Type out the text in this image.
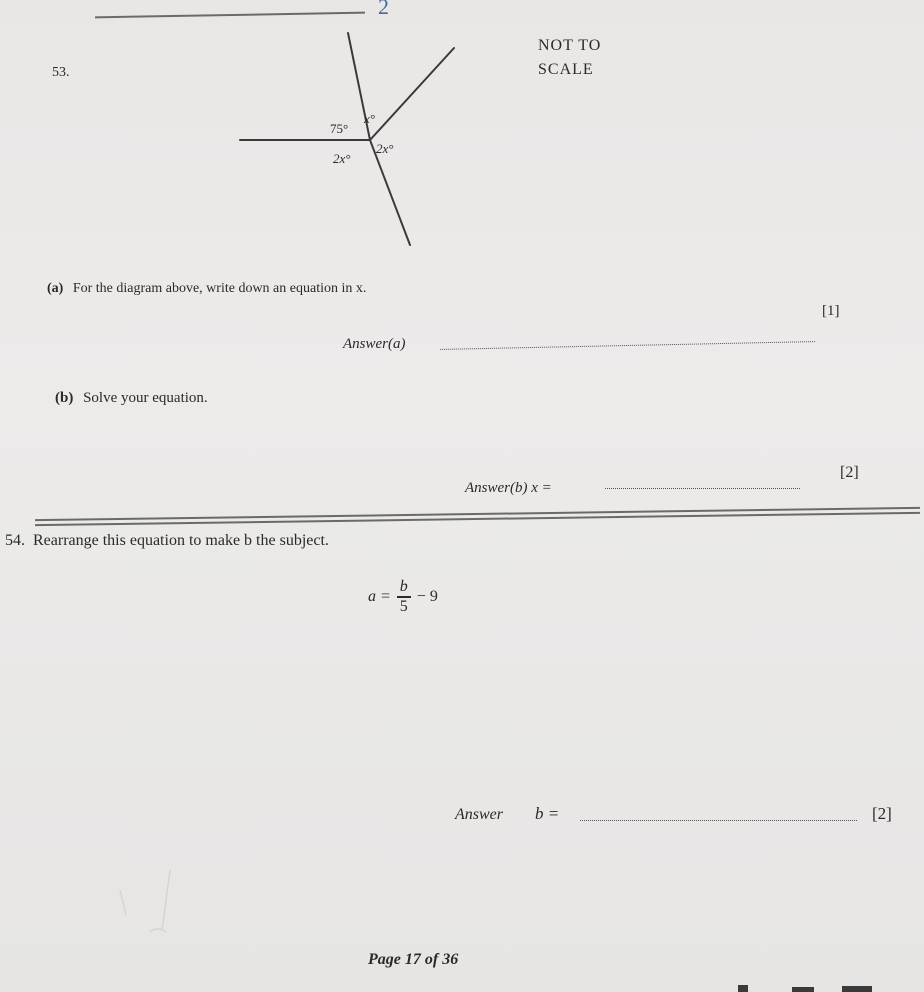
2
53.
NOT TO
SCALE
75°
x°
2x°
2x°
(a) For the diagram above, write down an equation in x.
Answer(a)
[1]
(b) Solve your equation.
Answer(b) x =
[2]
54. Rearrange this equation to make b the subject.
a =
b
5
− 9
Answer b =	[2]
Page 17 of 36
